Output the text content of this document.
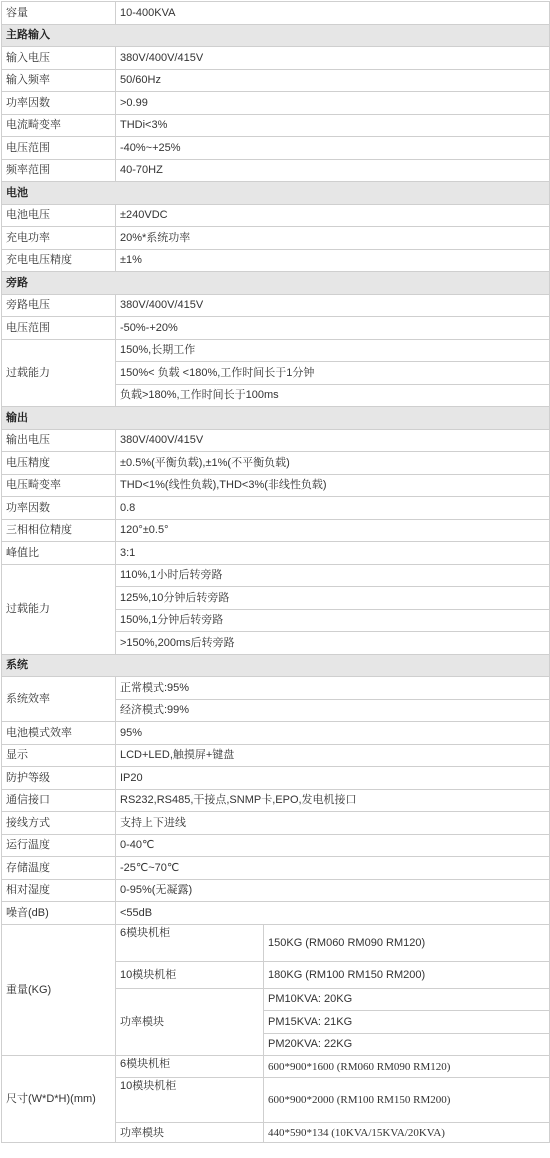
容量	10-400KVA	
主路输入		
输入电压	380V/400V/415V	
输入频率	50/60Hz	
功率因数	>0.99	
电流畸变率	THDi<3%	
电压范围	-40%~+25%	
频率范围	40-70HZ	
电池		
电池电压	±240VDC	
充电功率	20%*系统功率	
充电电压精度	±1%	
旁路		
旁路电压	380V/400V/415V	
电压范围	-50%-+20%	
过载能力	150%,长期工作	
	150%< 负载 <180%,工作时间长于1分钟	
	负载>180%,工作时间长于100ms	
输出		
输出电压	380V/400V/415V	
电压精度	±0.5%(平衡负载),±1%(不平衡负载)	
电压畸变率	THD<1%(线性负载),THD<3%(非线性负载)	
功率因数	0.8	
三相相位精度	120°±0.5°	
峰值比	3:1	
过载能力	110%,1小时后转旁路	
	125%,10分钟后转旁路	
	150%,1分钟后转旁路	
	>150%,200ms后转旁路	
系统		
系统效率	正常模式:95%	
	经济模式:99%	
电池模式效率	95%	
显示	LCD+LED,触摸屏+键盘	
防护等级	IP20	
通信接口	RS232,RS485,干接点,SNMP卡,EPO,发电机接口	
接线方式	支持上下进线	
运行温度	0-40℃	
存储温度	-25℃~70℃	
相对湿度	0-95%(无凝露)	
噪音(dB)	<55dB	
重量(KG)	6模块机柜	150KG (RM060 RM090 RM120)
	10模块机柜	180KG (RM100 RM150 RM200)
	功率模块	PM10KVA: 20KG
		PM15KVA: 21KG
		PM20KVA: 22KG
尺寸(W*D*H)(mm)	6模块机柜	600*900*1600 (RM060 RM090 RM120)
	10模块机柜	600*900*2000 (RM100 RM150 RM200)
	功率模块	440*590*134 (10KVA/15KVA/20KVA)
